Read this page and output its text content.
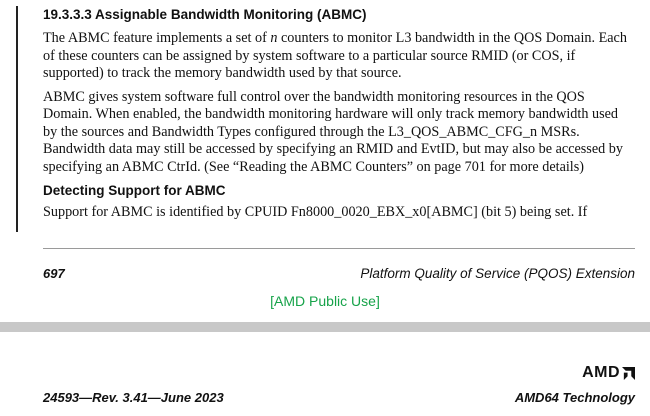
19.3.3.3 Assignable Bandwidth Monitoring (ABMC)

The ABMC feature implements a set of n counters to monitor L3 bandwidth in the QOS Domain. Each of these counters can be assigned by system software to a particular source RMID (or COS, if supported) to track the memory bandwidth used by that source.

ABMC gives system software full control over the bandwidth monitoring resources in the QOS Domain. When enabled, the bandwidth monitoring hardware will only track memory bandwidth used by the sources and Bandwidth Types configured through the L3_QOS_ABMC_CFG_n MSRs. Bandwidth data may still be accessed by specifying an RMID and EvtID, but may also be accessed by specifying an ABMC CtrId. (See “Reading the ABMC Counters” on page 701 for more details)

Detecting Support for ABMC

Support for ABMC is identified by CPUID Fn8000_0020_EBX_x0[ABMC] (bit 5) being set. If

697	Platform Quality of Service (PQOS) Extension
[AMD Public Use]
AMD
24593—Rev. 3.41—June 2023	AMD64 Technology
